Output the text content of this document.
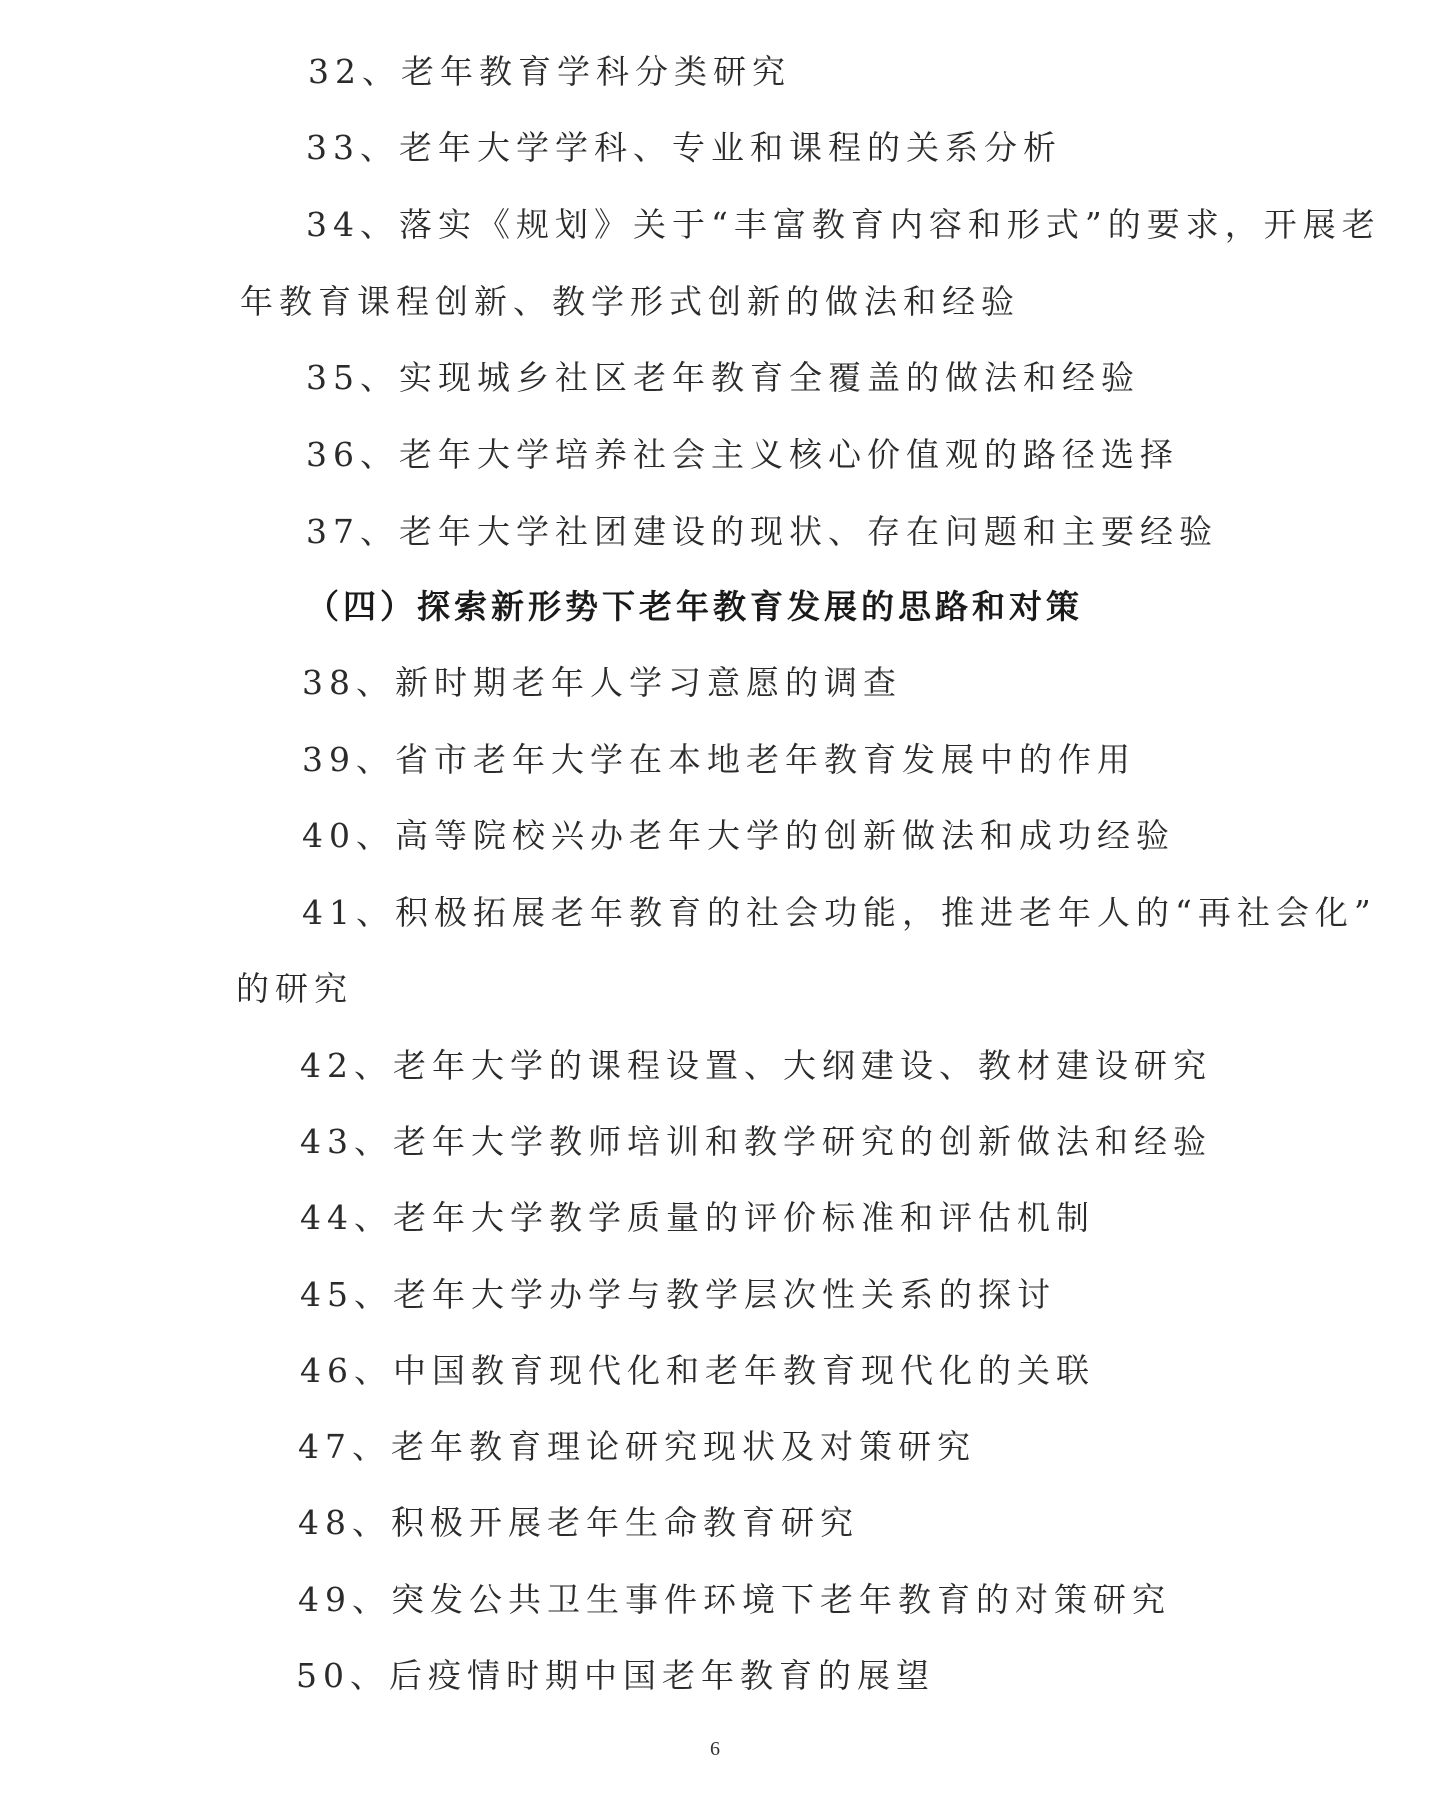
32、老年教育学科分类研究
33、老年大学学科、专业和课程的关系分析
34、落实《规划》关于“丰富教育内容和形式”的要求，开展老
年教育课程创新、教学形式创新的做法和经验
35、实现城乡社区老年教育全覆盖的做法和经验
36、老年大学培养社会主义核心价值观的路径选择
37、老年大学社团建设的现状、存在问题和主要经验
（四）探索新形势下老年教育发展的思路和对策
38、新时期老年人学习意愿的调查
39、省市老年大学在本地老年教育发展中的作用
40、高等院校兴办老年大学的创新做法和成功经验
41、积极拓展老年教育的社会功能，推进老年人的“再社会化”
的研究
42、老年大学的课程设置、大纲建设、教材建设研究
43、老年大学教师培训和教学研究的创新做法和经验
44、老年大学教学质量的评价标准和评估机制
45、老年大学办学与教学层次性关系的探讨
46、中国教育现代化和老年教育现代化的关联
47、老年教育理论研究现状及对策研究
48、积极开展老年生命教育研究
49、突发公共卫生事件环境下老年教育的对策研究
50、后疫情时期中国老年教育的展望
6
